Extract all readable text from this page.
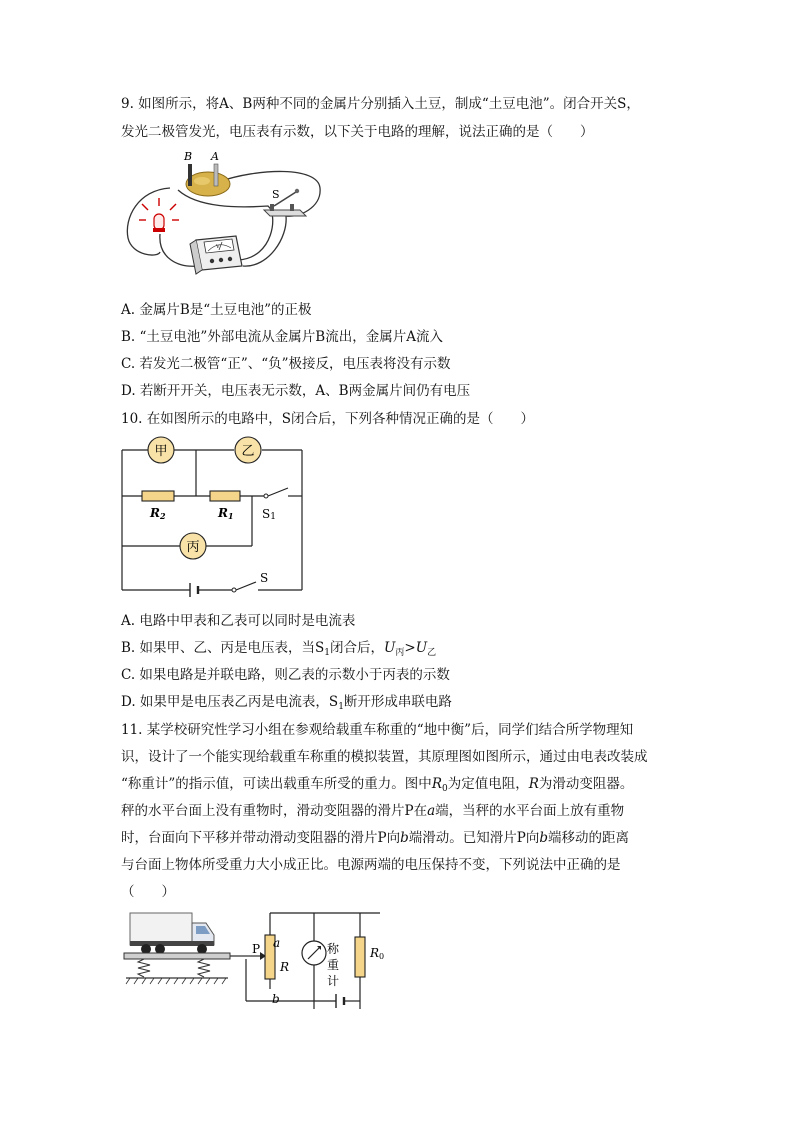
9. 如图所示，将A、B两种不同的金属片分别插入土豆，制成“土豆电池”。闭合开关S，
发光二极管发光，电压表有示数，以下关于电路的理解，说法正确的是（　　）
B A
S
V
A. 金属片B是“土豆电池”的正极
B. “土豆电池”外部电流从金属片B流出，金属片A流入
C. 若发光二极管“正”、“负”极接反，电压表将没有示数
D. 若断开开关，电压表无示数，A、B两金属片间仍有电压
10. 在如图所示的电路中，S闭合后，下列各种情况正确的是（　　）
甲	乙
丙
R2	R1 S1
S
A. 电路中甲表和乙表可以同时是电流表
B. 如果甲、乙、丙是电压表，当$S_1$闭合后，$U_丙>U_乙$
C. 如果电路是并联电路，则乙表的示数小于丙表的示数
D. 如果甲是电压表乙丙是电流表，$S_1$断开形成串联电路
11. 某学校研究性学习小组在参观给载重车称重的“地中衡”后，同学们结合所学物理知
识，设计了一个能实现给载重车称重的模拟装置，其原理图如图所示，通过由电表改装成
“称重计”的指示值，可读出载重车所受的重力。图中$R_0$为定值电阻，R为滑动变阻器。
秤的水平台面上没有重物时，滑动变阻器的滑片P在a端，当秤的水平台面上放有重物
时，台面向下平移并带动滑动变阻器的滑片P向b端滑动。已知滑片P向b端移动的距离
与台面上物体所受重力大小成正比。电源两端的电压保持不变，下列说法中正确的是
（　　）
P a
R
b
称
重
计
R0
